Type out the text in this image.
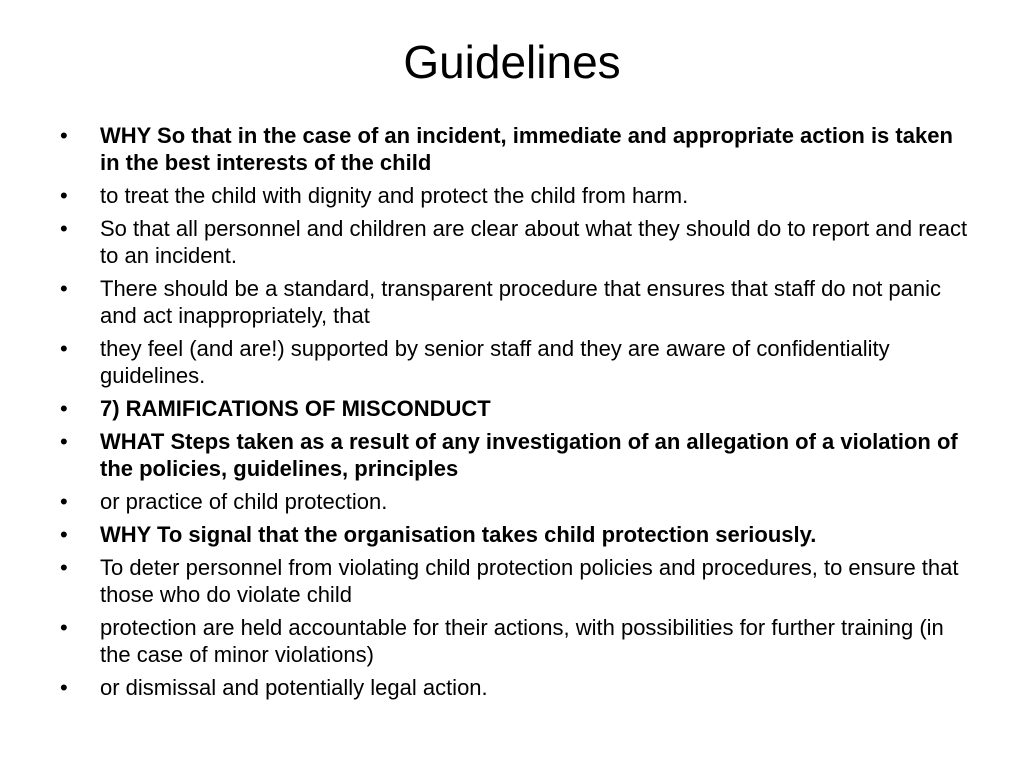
Guidelines
•	WHY So that in the case of an incident, immediate and appropriate action is taken in the best interests of the child
•	to treat the child with dignity and protect the child from harm.
•	So that all personnel and children are clear about what they should do to report and react to an incident.
•	There should be a standard, transparent procedure that ensures that staff do not panic and act inappropriately, that
•	they feel (and are!) supported by senior staff and they are aware of confidentiality guidelines.
•	7) RAMIFICATIONS OF MISCONDUCT
•	WHAT Steps taken as a result of any investigation of an allegation of a violation of the policies, guidelines, principles
•	or practice of child protection.
•	WHY To signal that the organisation takes child protection seriously.
•	To deter personnel from violating child protection policies and procedures, to ensure that those who do violate child
•	protection are held accountable for their actions, with possibilities for further training (in the case of minor violations)
•	or dismissal and potentially legal action.
